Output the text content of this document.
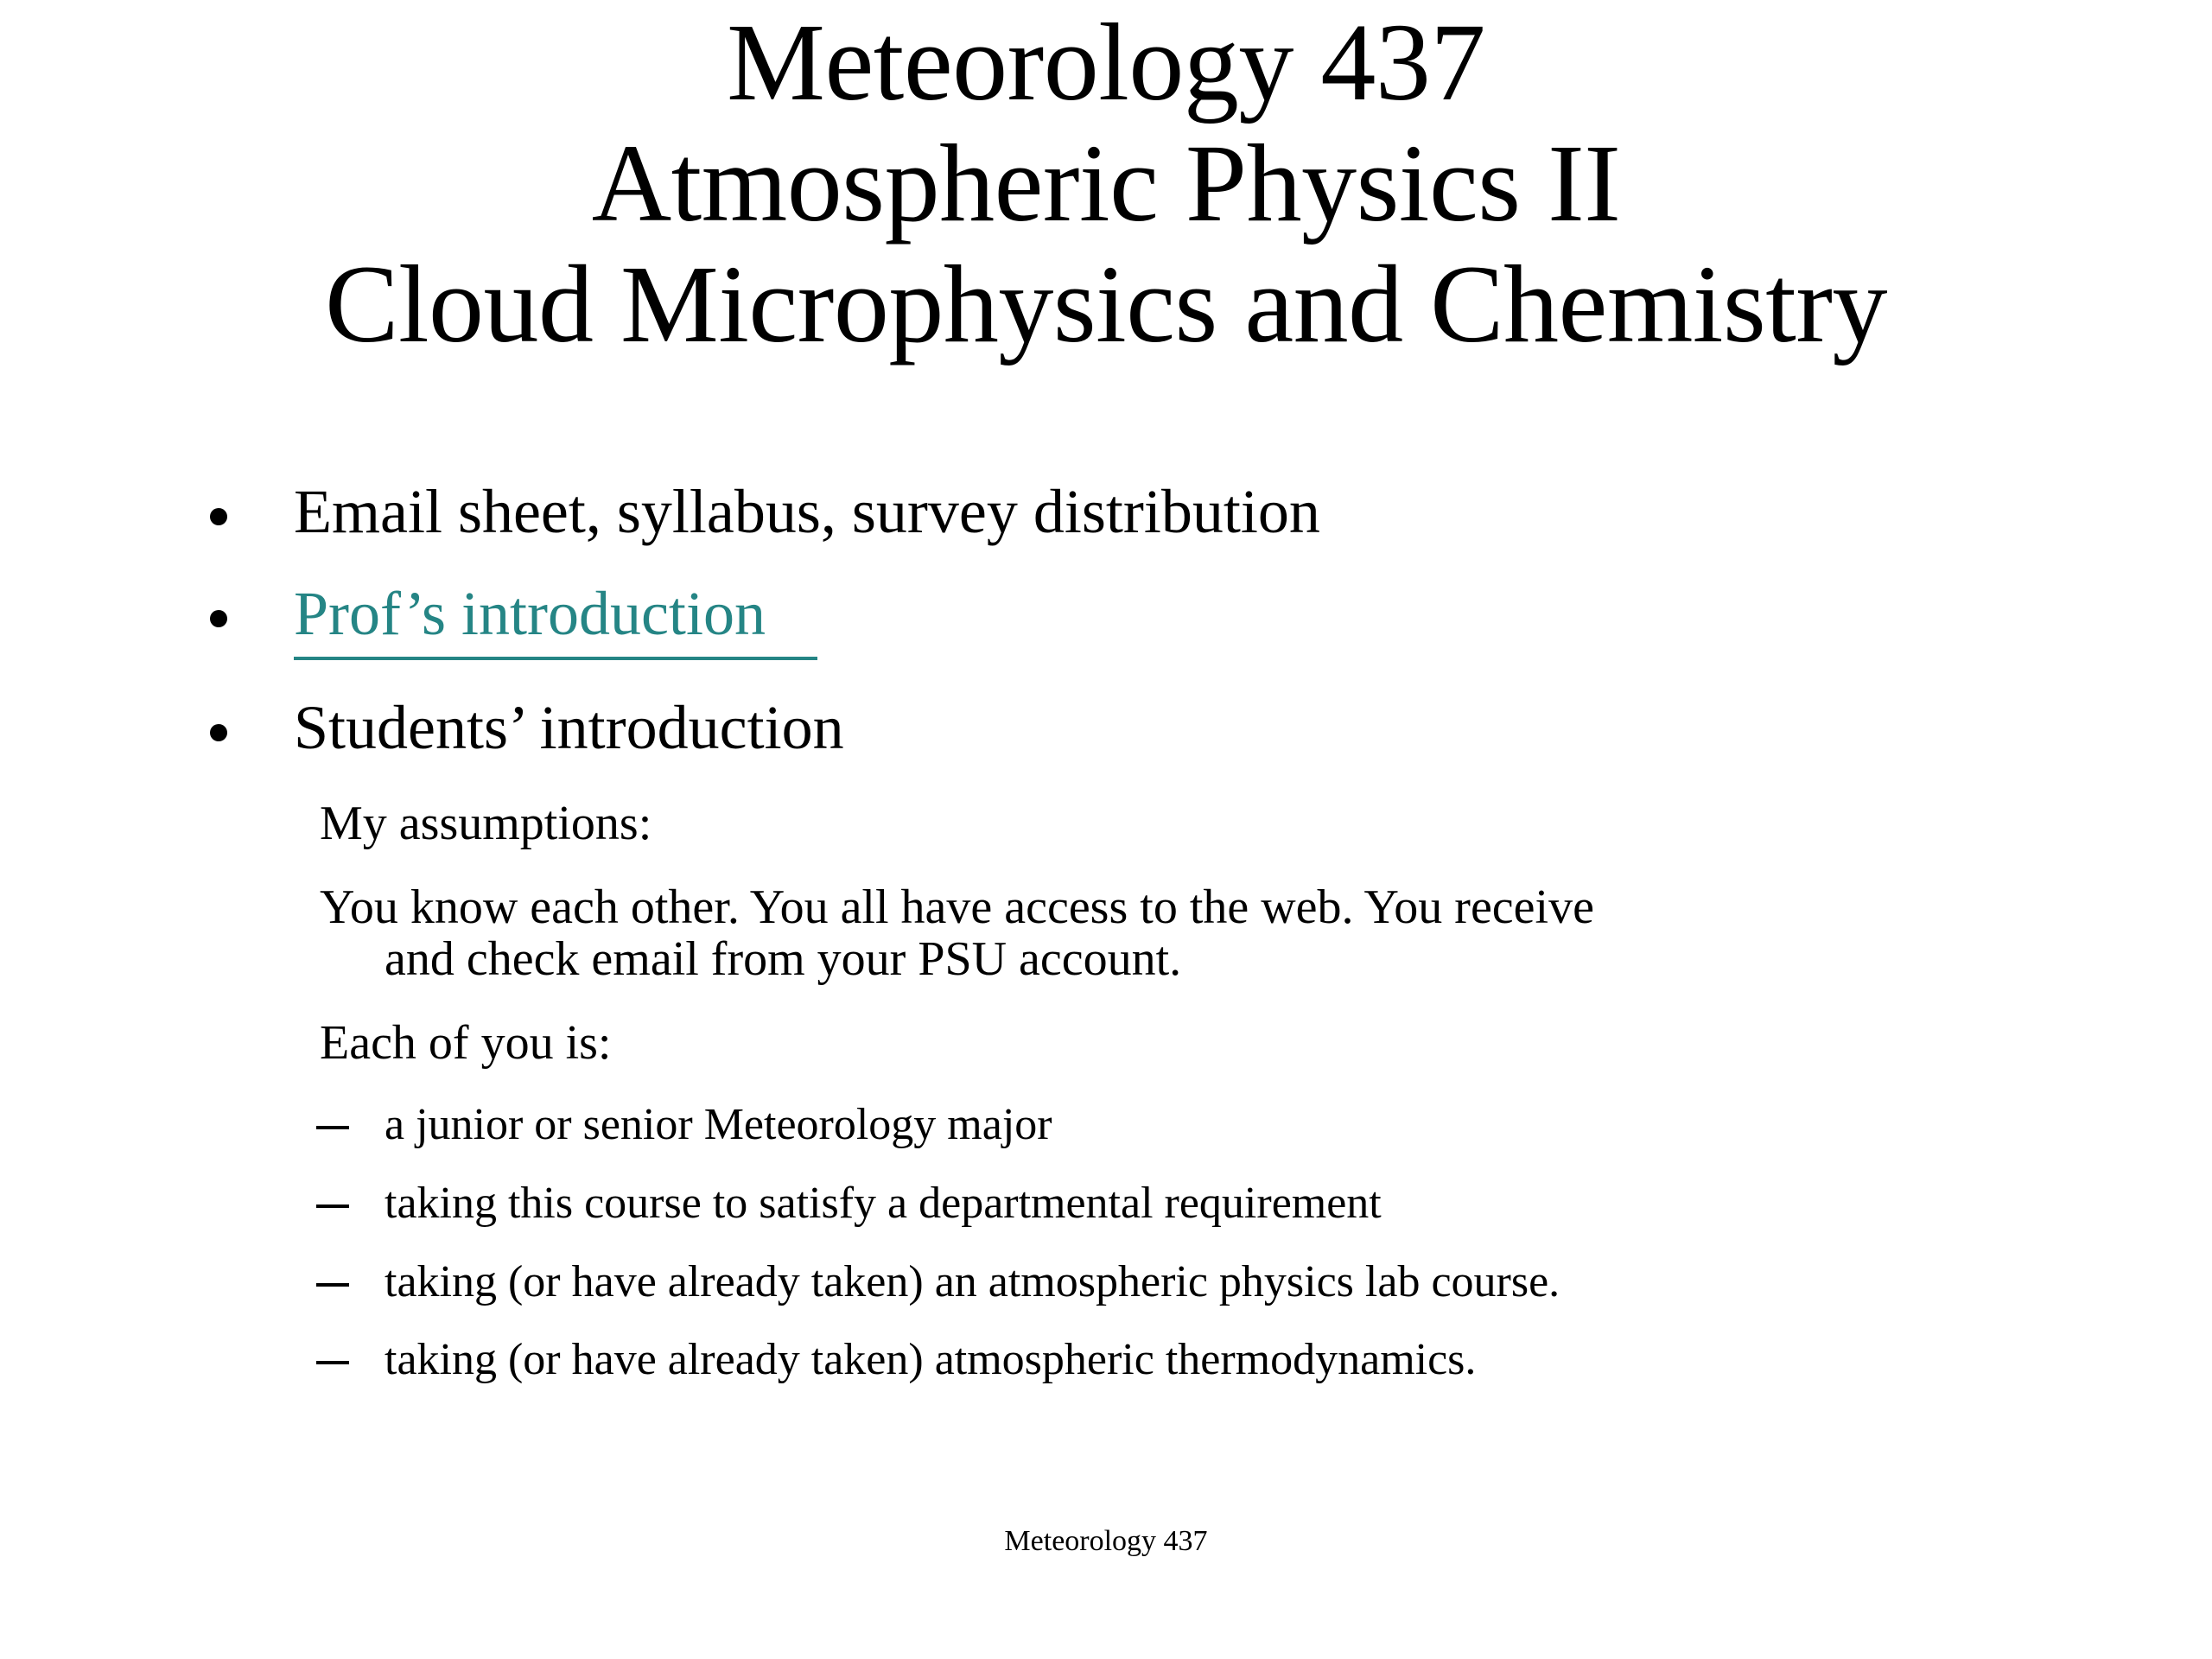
Meteorology 437
Atmospheric Physics II
Cloud Microphysics and Chemistry
Email sheet, syllabus, survey distribution
Prof’s introduction
Students’ introduction

My assumptions:

You know each other. You all have access to the web. You receive
and check email from your PSU account.

Each of you is:

a junior or senior Meteorology major
taking this course to satisfy a departmental requirement
taking (or have already taken) an atmospheric physics lab course.
taking (or have already taken) atmospheric thermodynamics.
Meteorology 437
